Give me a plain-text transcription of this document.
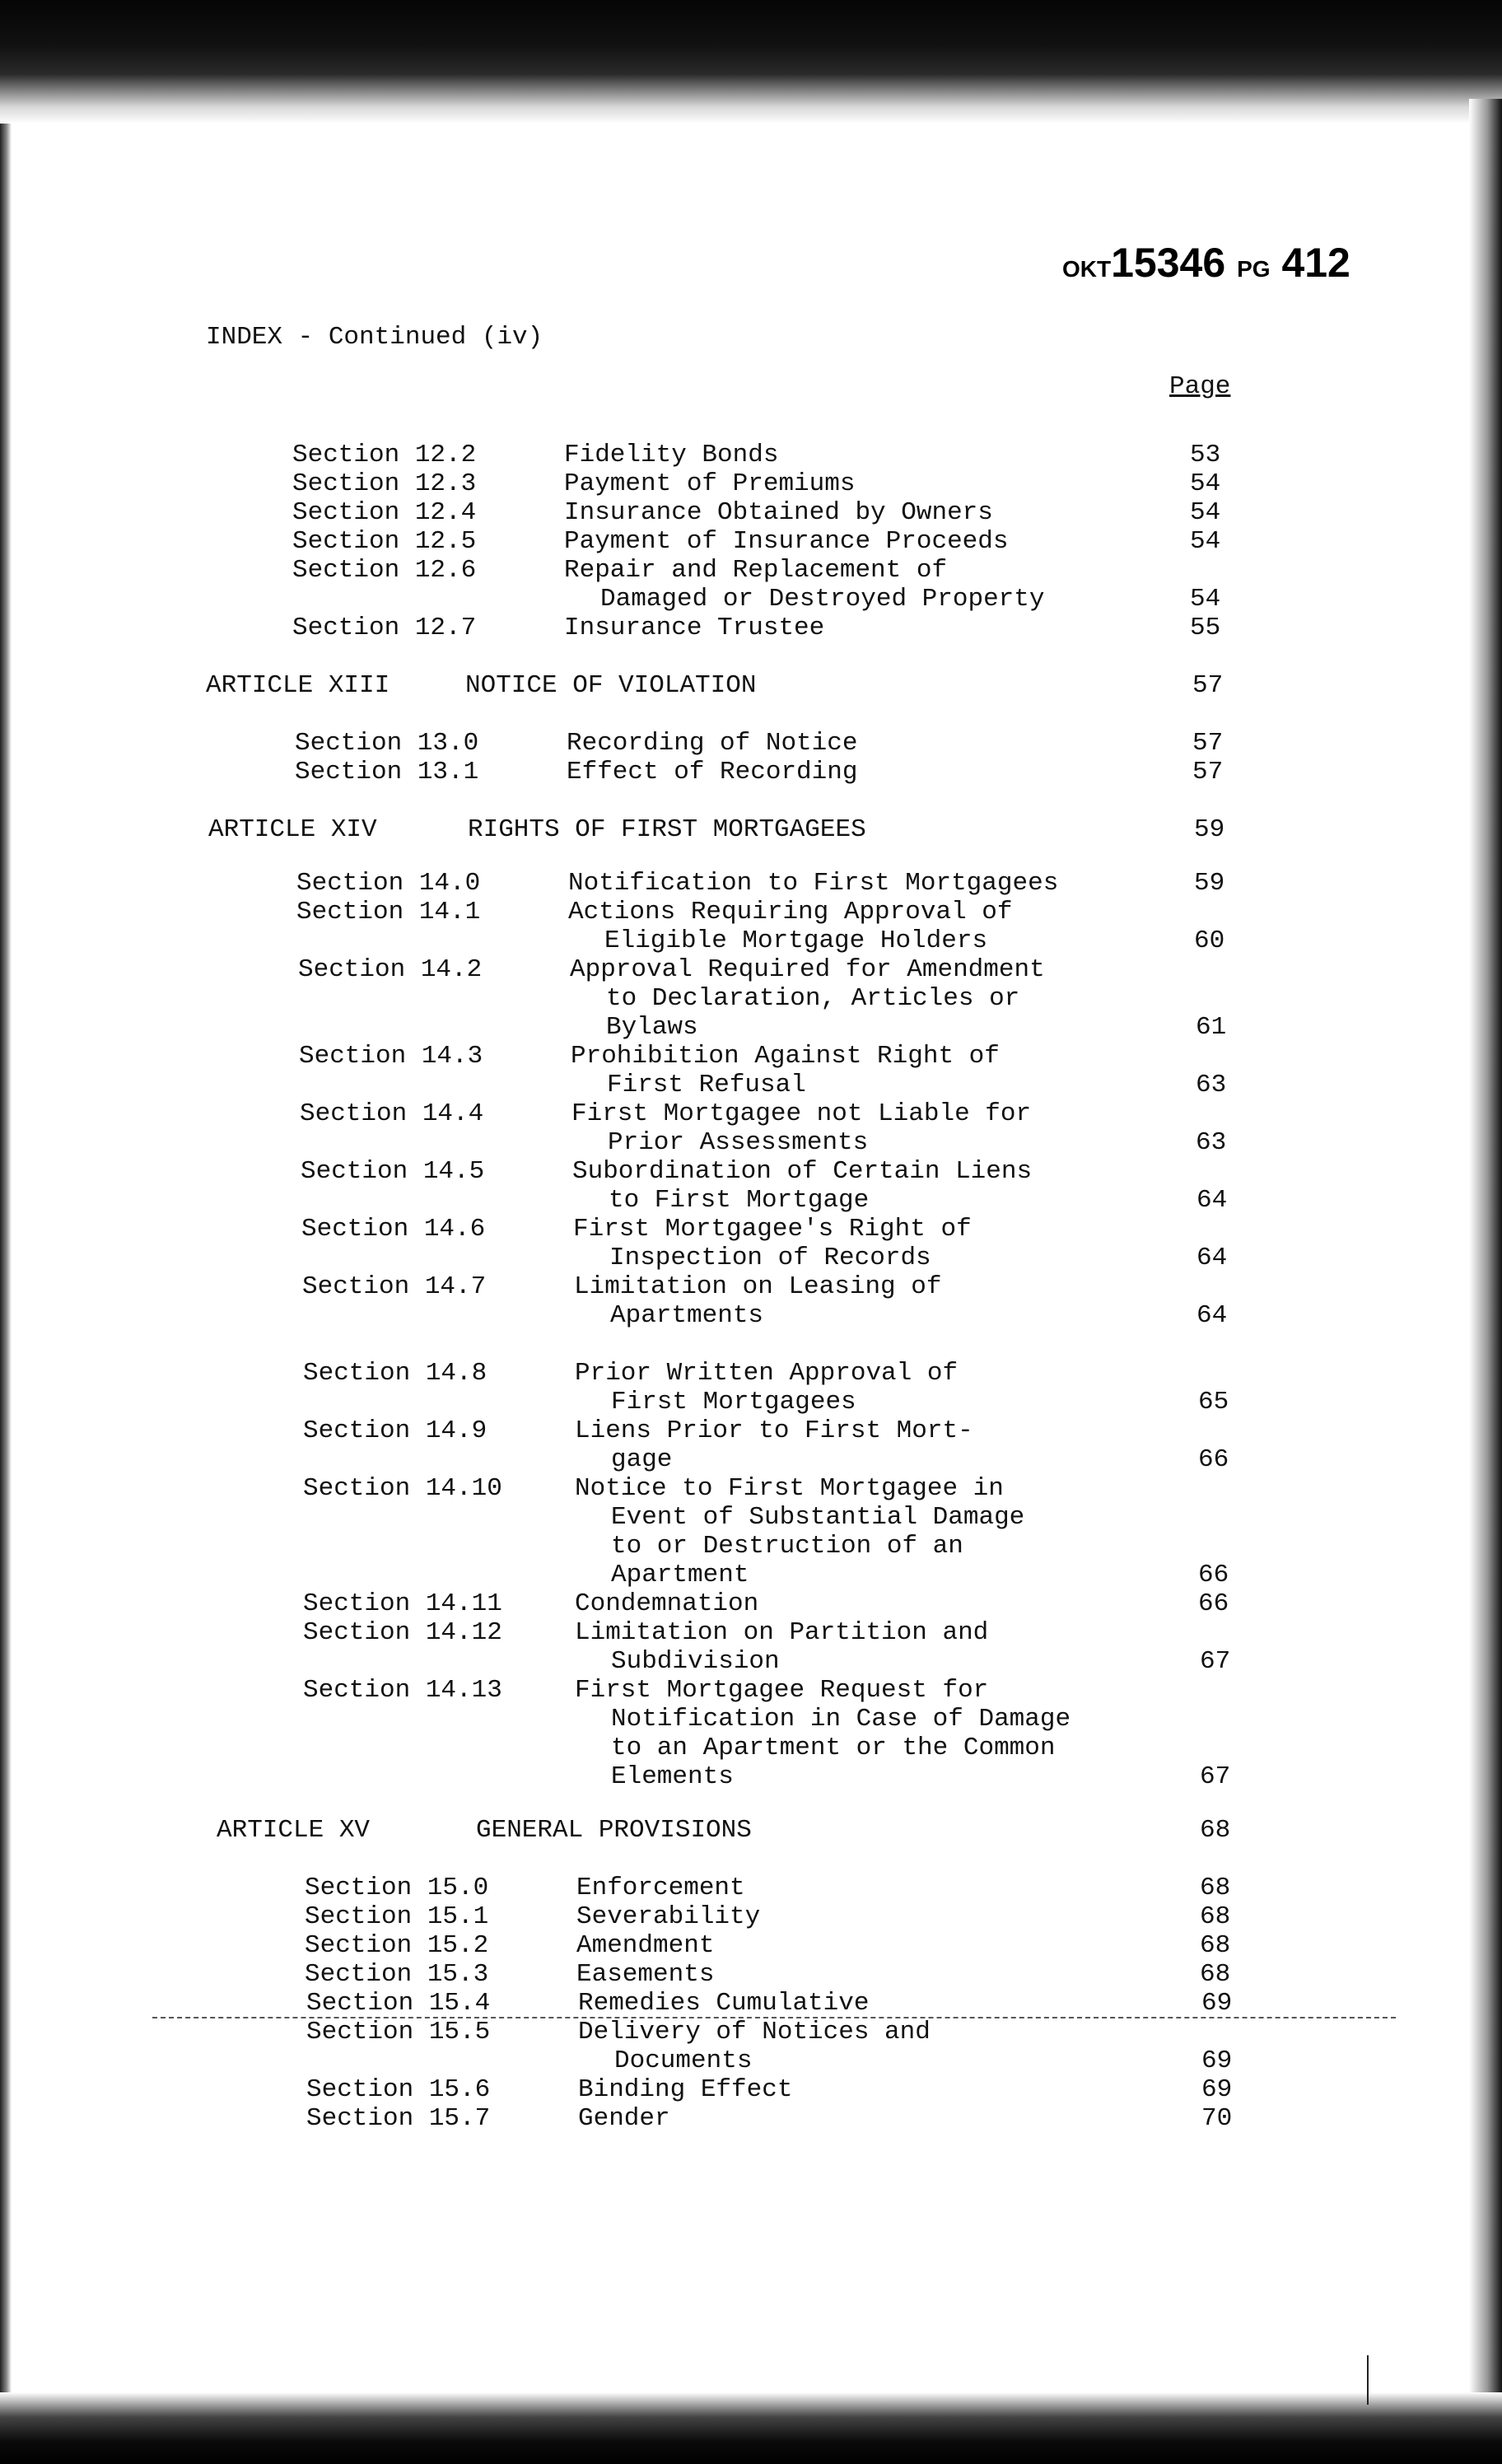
OKT15346 PG 412
INDEX - Continued (iv)
Page
Section 12.2	Fidelity Bonds	53
Section 12.3	Payment of Premiums	54
Section 12.4	Insurance Obtained by Owners	54
Section 12.5	Payment of Insurance Proceeds	54
Section 12.6	Repair and Replacement of
Damaged or Destroyed Property	54
Section 12.7	Insurance Trustee	55
ARTICLE XIII	NOTICE OF VIOLATION	57
Section 13.0	Recording of Notice	57
Section 13.1	Effect of Recording	57
ARTICLE XIV	RIGHTS OF FIRST MORTGAGEES	59
Section 14.0	Notification to First Mortgagees	59
Section 14.1	Actions Requiring Approval of
Eligible Mortgage Holders	60
Section 14.2	Approval Required for Amendment
to Declaration, Articles or
Bylaws	61
Section 14.3	Prohibition Against Right of
First Refusal	63
Section 14.4	First Mortgagee not Liable for
Prior Assessments	63
Section 14.5	Subordination of Certain Liens
to First Mortgage	64
Section 14.6	First Mortgagee's Right of
Inspection of Records	64
Section 14.7	Limitation on Leasing of
Apartments	64
Section 14.8	Prior Written Approval of
First Mortgagees	65
Section 14.9	Liens Prior to First Mort-
gage	66
Section 14.10	Notice to First Mortgagee in
Event of Substantial Damage
to or Destruction of an
Apartment	66
Section 14.11	Condemnation	66
Section 14.12	Limitation on Partition and
Subdivision	67
Section 14.13	First Mortgagee Request for
Notification in Case of Damage
to an Apartment or the Common
Elements	67
ARTICLE XV	GENERAL PROVISIONS	68
Section 15.0	Enforcement	68
Section 15.1	Severability	68
Section 15.2	Amendment	68
Section 15.3	Easements	68
Section 15.4	Remedies Cumulative	69
Section 15.5	Delivery of Notices and
Documents	69
Section 15.6	Binding Effect	69
Section 15.7	Gender	70
